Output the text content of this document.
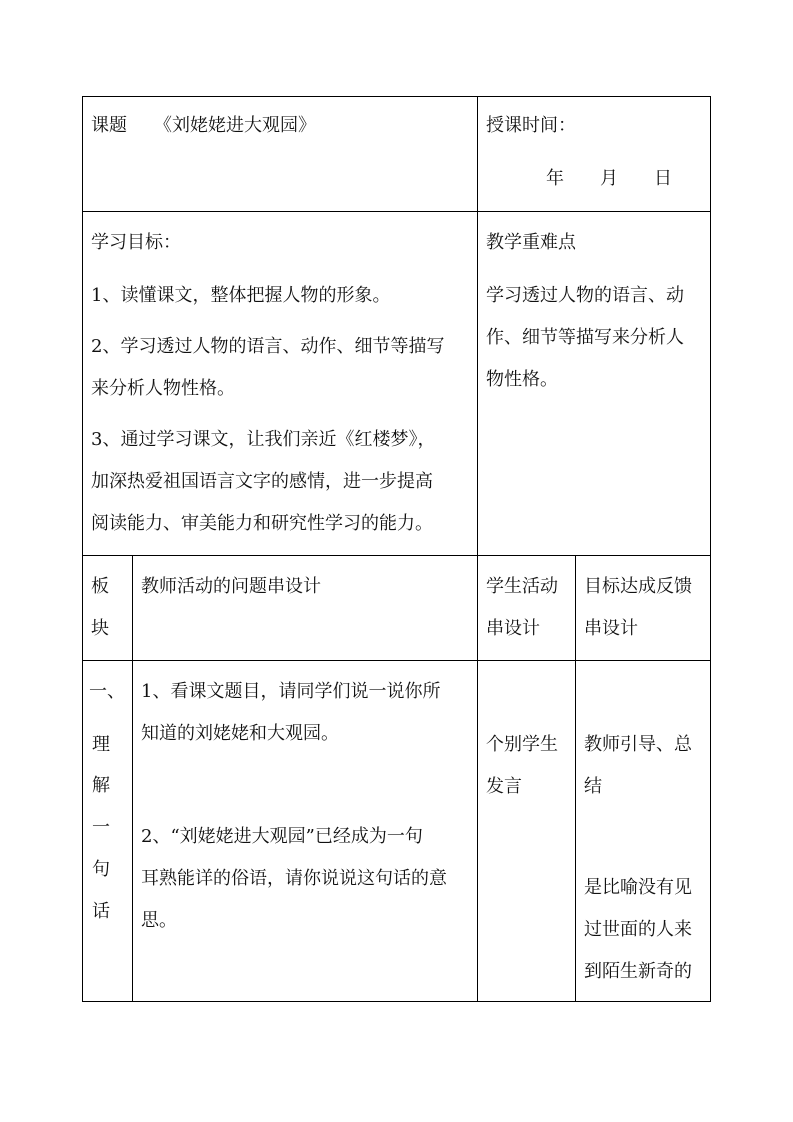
课题 《刘姥姥进大观园》	授课时间：
年　　月　　日
学习目标：
1、读懂课文，整体把握人物的形象。
2、学习透过人物的语言、动作、细节等描写
来分析人物性格。
3、通过学习课文，让我们亲近《红楼梦》，
加深热爱祖国语言文字的感情，进一步提高
阅读能力、审美能力和研究性学习的能力。
教学重难点
学习透过人物的语言、动
作、细节等描写来分析人
物性格。
板
块
教师活动的问题串设计	学生活动
串设计
目标达成反馈
串设计
一、
理
解
一
句
话
1、看课文题目，请同学们说一说你所
知道的刘姥姥和大观园。
2、“刘姥姥进大观园”已经成为一句
耳熟能详的俗语，请你说说这句话的意
思。
个别学生
发言
教师引导、总
结
是比喻没有见
过世面的人来
到陌生新奇的
